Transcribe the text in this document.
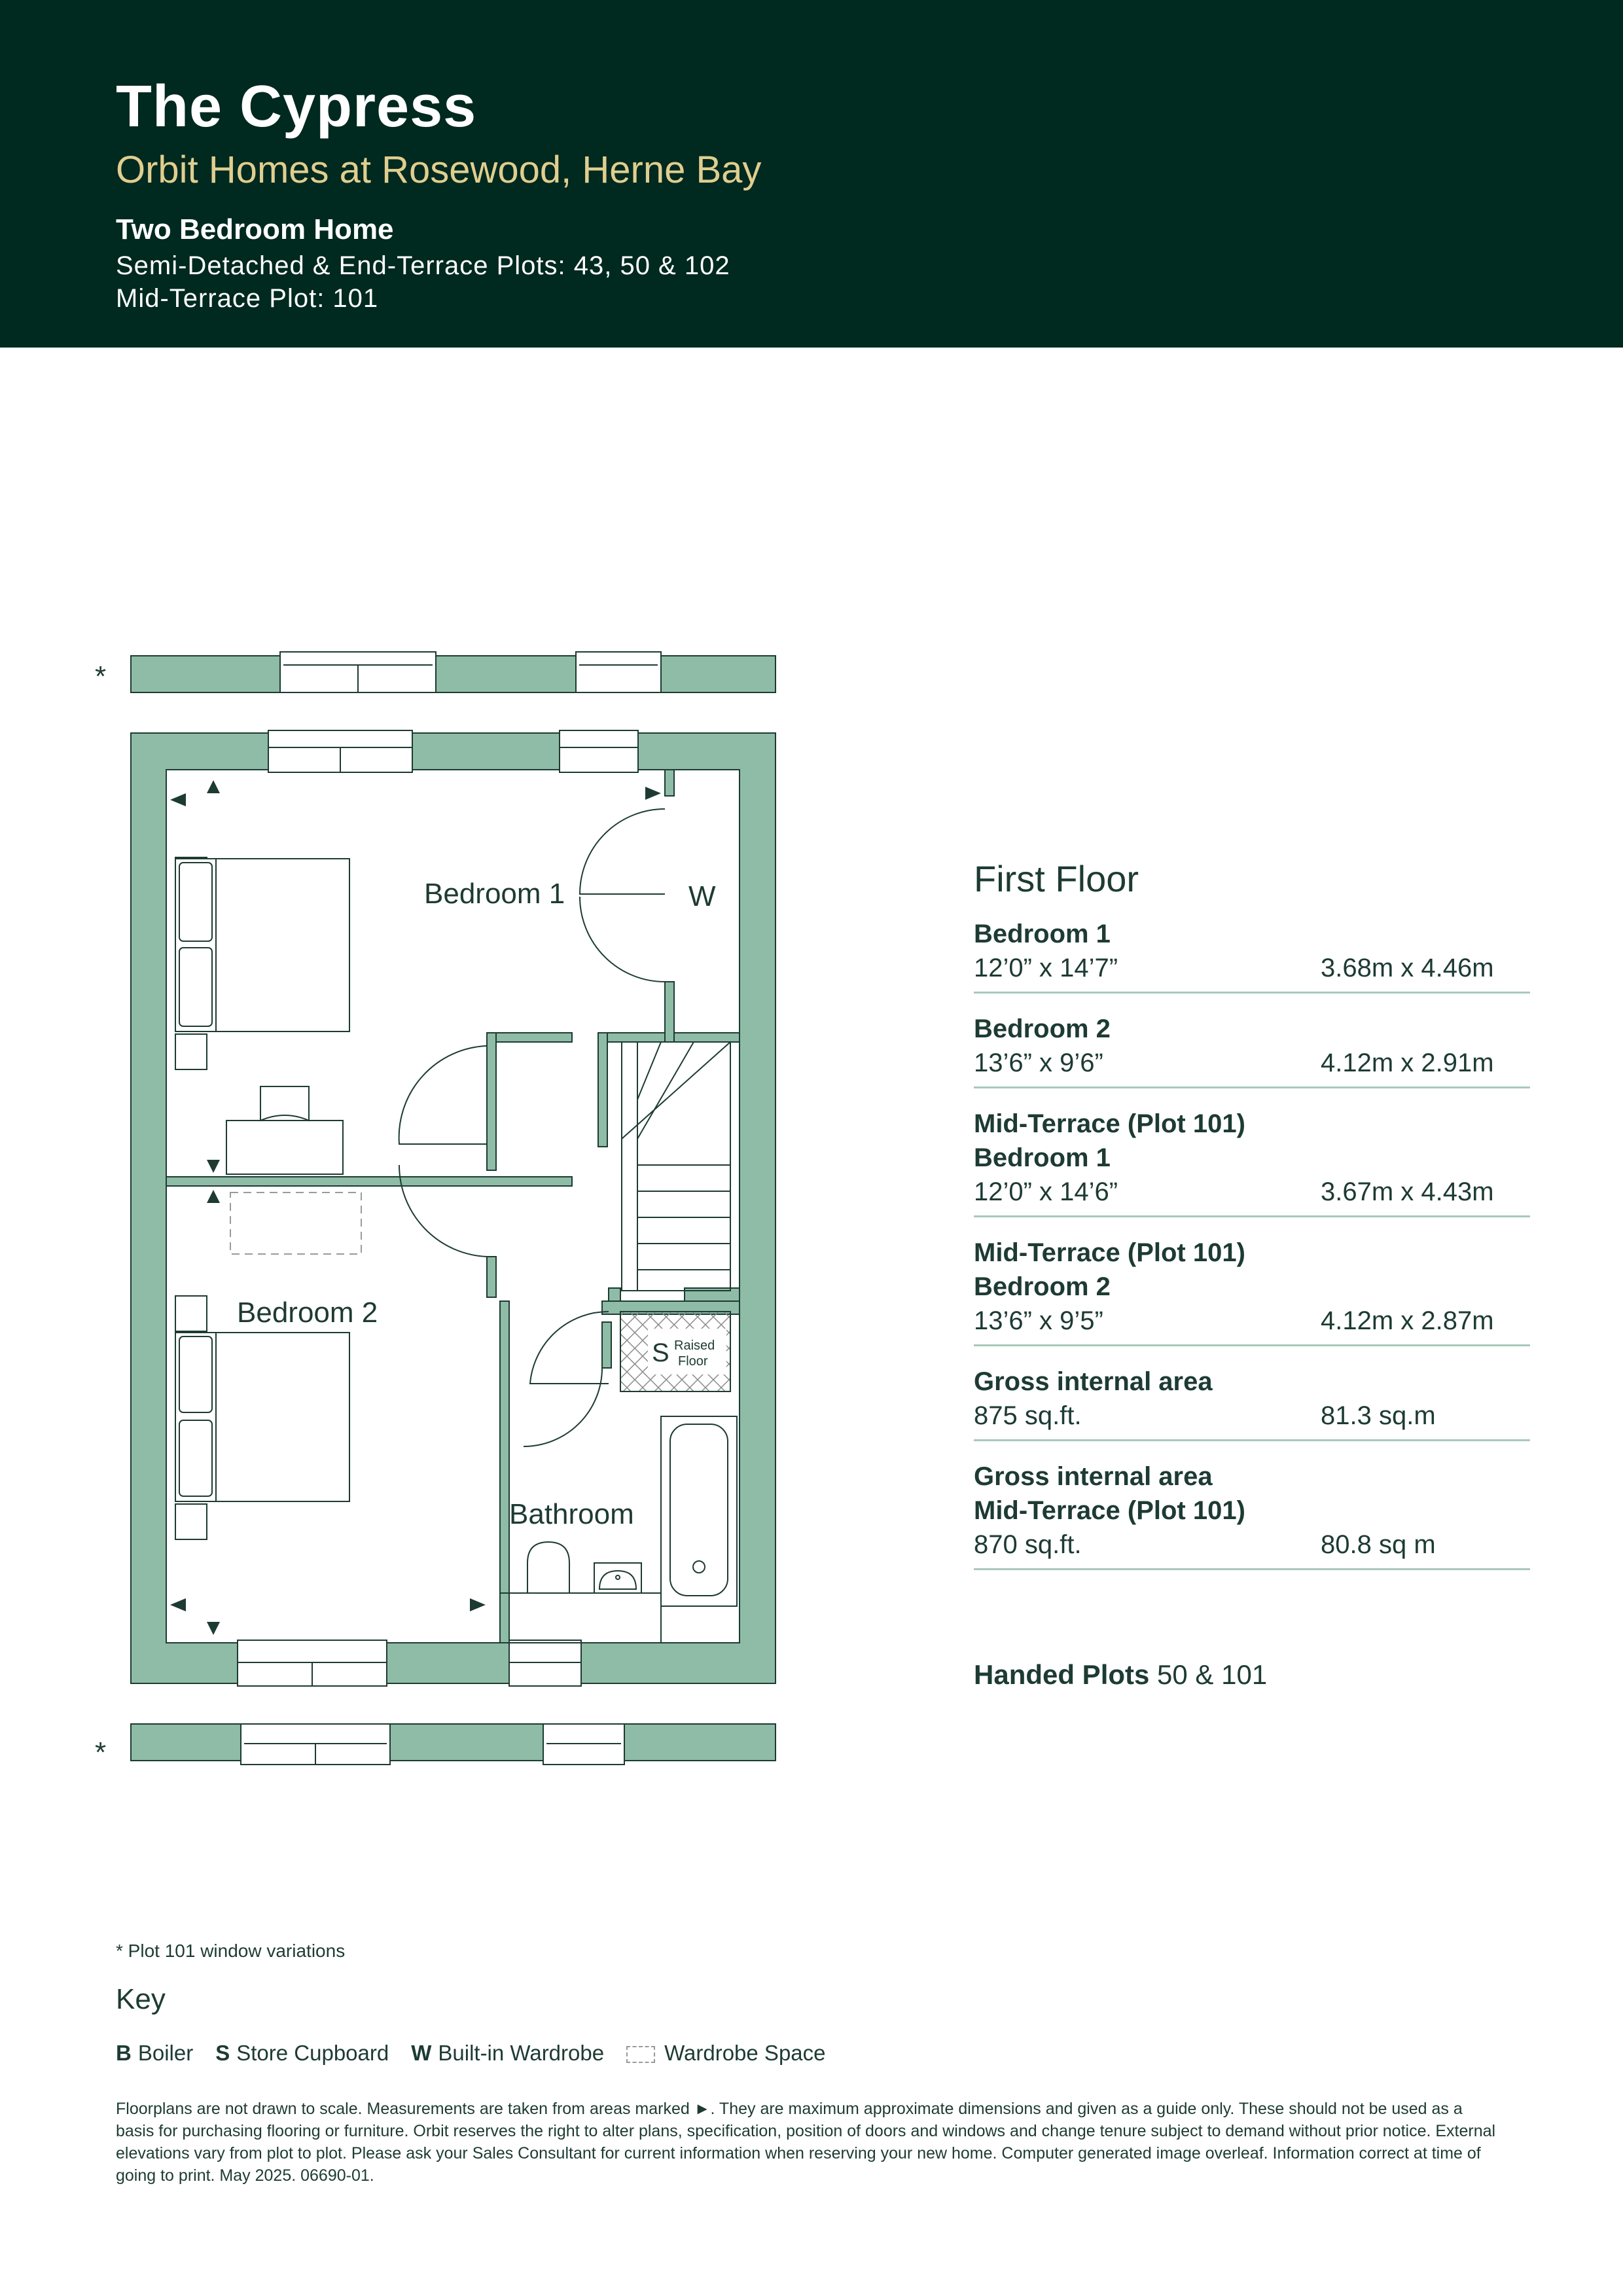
The Cypress
Orbit Homes at Rosewood, Herne Bay
Two Bedroom Home
Semi-Detached & End-Terrace Plots: 43, 50 & 102
Mid-Terrace Plot: 101
*
S Raised
Floor
Bedroom 1	W
Bedroom 2
Bathroom
*
First Floor
Bedroom 1
12’0” x 14’7”	3.68m x 4.46m
Bedroom 2
13’6” x 9’6”	4.12m x 2.91m
Mid-Terrace (Plot 101)
Bedroom 1
12’0” x 14’6”	3.67m x 4.43m
Mid-Terrace (Plot 101)
Bedroom 2
13’6” x 9’5”	4.12m x 2.87m
Gross internal area
875 sq.ft.	81.3 sq.m
Gross internal area
Mid-Terrace (Plot 101)
870 sq.ft.	80.8 sq m
Handed Plots 50 & 101
* Plot 101 window variations
Key
B Boiler S Store Cupboard W Built-in Wardrobe	Wardrobe Space
Floorplans are not drawn to scale. Measurements are taken from areas marked ►. They are maximum approximate dimensions and given as a guide only. These should not be used as a basis for purchasing flooring or furniture. Orbit reserves the right to alter plans, specification, position of doors and windows and change tenure subject to demand without prior notice. External elevations vary from plot to plot. Please ask your Sales Consultant for current information when reserving your new home. Computer generated image overleaf. Information correct at time of going to print. May 2025. 06690-01.
